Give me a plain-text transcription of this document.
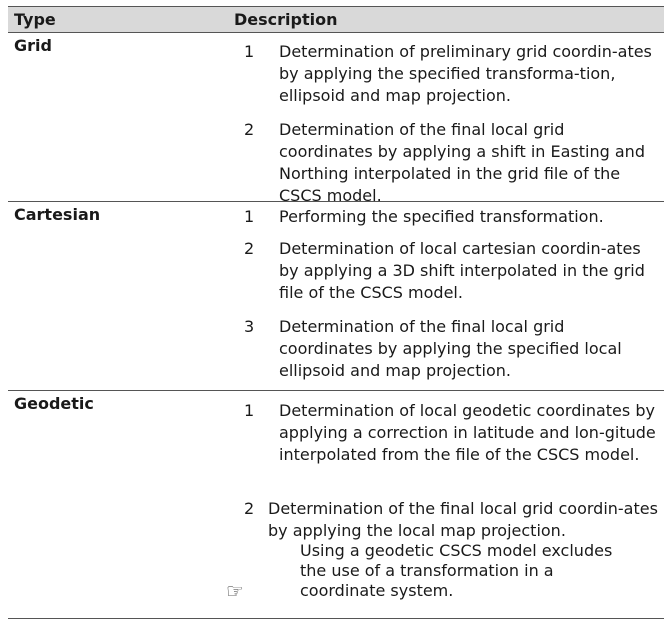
Type	Description
Grid	1	Determination of preliminary grid coordin-ates by applying the specified transforma-tion, ellipsoid and map projection.
2	Determination of the final local grid coordinates by applying a shift in Easting and Northing interpolated in the grid file of the CSCS model.
Cartesian	1	Performing the specified transformation.
2	Determination of local cartesian coordin-ates by applying a 3D shift interpolated in the grid file of the CSCS model.
3	Determination of the final local grid coordinates by applying the specified local ellipsoid and map projection.
Geodetic	1	Determination of local geodetic coordinates by applying a correction in latitude and lon-gitude interpolated from the file of the CSCS model.
2 Determination of the final local grid coordin-ates by applying the local map projection.
☞
Using a geodetic CSCS model excludes the use of a transformation in a coordinate system.
